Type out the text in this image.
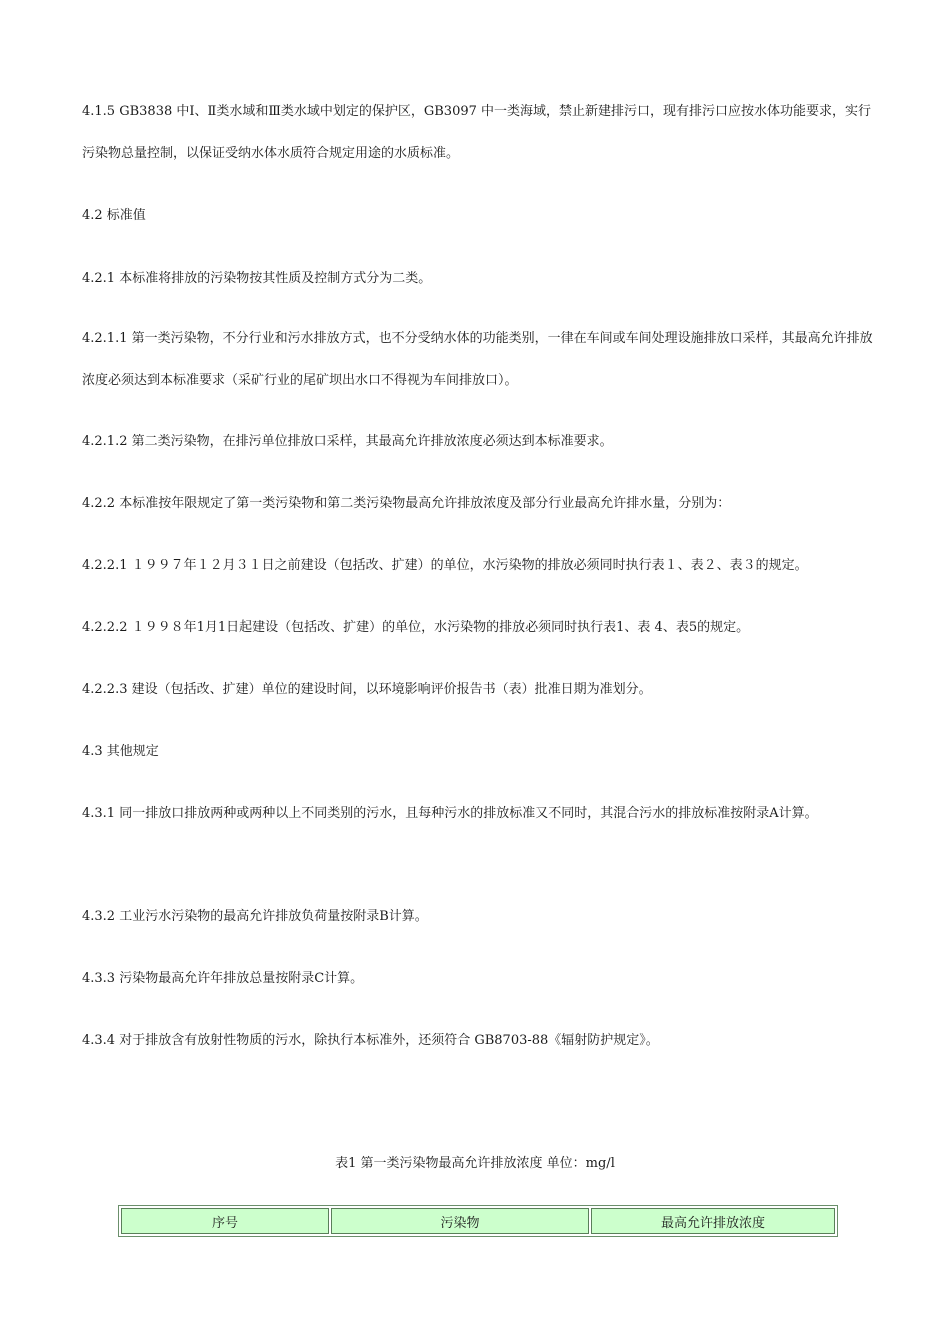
4.1.5 GB3838 中Ⅰ、Ⅱ类水域和Ⅲ类水域中划定的保护区，GB3097 中一类海域，禁止新建排污口，现有排污口应按水体功能要求，实行污染物总量控制，以保证受纳水体水质符合规定用途的水质标准。
4.2 标准值
4.2.1 本标准将排放的污染物按其性质及控制方式分为二类。
4.2.1.1 第一类污染物，不分行业和污水排放方式，也不分受纳水体的功能类别，一律在车间或车间处理设施排放口采样，其最高允许排放浓度必须达到本标准要求（采矿行业的尾矿坝出水口不得视为车间排放口）。
4.2.1.2 第二类污染物，在排污单位排放口采样，其最高允许排放浓度必须达到本标准要求。
4.2.2 本标准按年限规定了第一类污染物和第二类污染物最高允许排放浓度及部分行业最高允许排水量，分别为：
4.2.2.1 １９９７年１２月３１日之前建设（包括改、扩建）的单位，水污染物的排放必须同时执行表１、表２、表３的规定。
4.2.2.2 １９９８年1月1日起建设（包括改、扩建）的单位，水污染物的排放必须同时执行表1、表 4、表5的规定。
4.2.2.3 建设（包括改、扩建）单位的建设时间，以环境影响评价报告书（表）批准日期为准划分。
4.3 其他规定
4.3.1 同一排放口排放两种或两种以上不同类别的污水，且每种污水的排放标准又不同时，其混合污水的排放标准按附录A计算。
4.3.2 工业污水污染物的最高允许排放负荷量按附录B计算。
4.3.3 污染物最高允许年排放总量按附录C计算。
4.3.4 对于排放含有放射性物质的污水，除执行本标准外，还须符合 GB8703-88《辐射防护规定》。
表1 第一类污染物最高允许排放浓度 单位：mg/l
序号	污染物	最高允许排放浓度
